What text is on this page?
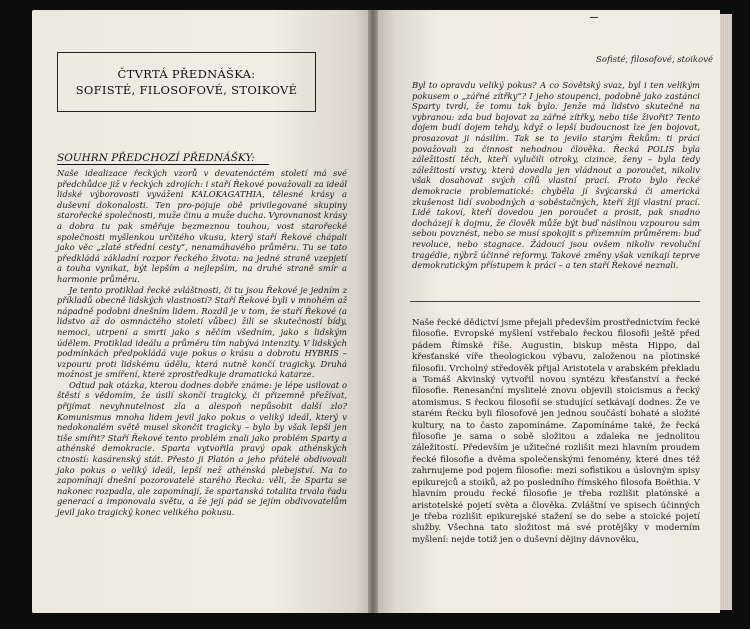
ČTVRTÁ PŘEDNÁŠKA:
SOFISTÉ, FILOSOFOVÉ, STOIKOVÉ
SOUHRN PŘEDCHOZÍ PŘEDNÁŠKY:

Naše idealizace řeckých vzorů v devatenáctém století má své předchůdce již v řeckých zdrojích: i staří Řekové považovali za ideál lidské výborovosti vyváženi KALOKAGATHIA, tělesné krásy a duševní dokonalosti. Ten pro-pojuje obě privilegované skupiny starořecké společnosti, muže činu a muže ducha. Vyrovnanost krásy a dobra tu pak směřuje bezmeznou touhou, vost starořecké společnosti myšlenkou určitého vkusu, který staří Řekové chápali jako věc „zlaté střední cesty“, nenamáhavého průměru. Tu se tato předkládá základní rozpor řeckého života: na jedné straně vzepjetí a touha vynikat, být lepším a nejlepším, na druhé straně smír a harmonie průměru.

Je tento protiklad řecké zvláštnosti, či tu jsou Řekové je jedním z příkladů obecně lidských vlastností? Staří Řekové byli v mnohém až nápadně podobni dnešním lidem. Rozdíl je v tom, že staří Řekové (a lidstvo až do osmnáctého století vůbec) žili se skutečností bídy, nemoci, utrpení a smrti jako s něčím všedním, jako s lidským údělem. Protiklad ideálu a průměru tím nabývá intenzity. V lidských podmínkách předpokládá vuje pokus o krásu a dobrotu HYBRIS – vzpouru proti lidskému údělu, která nutně končí tragicky. Druhá možnost je smíření, které zprostředkuje dramatická katarze.

Odtud pak otázka, kterou dodnes dobře známe: je lépe usilovat o štěstí s vědomím, že úsilí skončí tragicky, či přizemně přežívat, přijímat nevyhnutelnost zla a alespoň nepůsobit další zlo? Komunismus mnoha lidem jevil jako pokus o veliký ideál, který v nedokonalém světě musel skončit tragicky – bylo by však lepší jen tiše smířit? Staří Řekové tento problém znali jako problém Sparty a athénské demokracie. Sparta vytvořila pravý opak athénských ctností: kasárenský stát. Přesto ji Platón a jeho přátelé obdivovali jako pokus o veliký ideál, lepší než athénská plebejství. Na to zapomínají dnešní pozorovatelé starého Řecka: věli, že Sparta se nakonec rozpadla, ale zapomínají, že spartanská totalita trvala řadu generací a imponovala světu, a že její pád se jejím obdivovatelům jevil jako tragický konec velikého pokusu.

Sofisté, filosofové, stoikové

Byl to opravdu veliký pokus? A co Sovětský svaz, byl i ten velikým pokusem o „zářné zítřky“? I jeho stoupenci, podobně jako zastánci Sparty tvrdí, že tomu tak bylo. Jenže má lidstvo skutečně na vybranou: zda bud bojovat za zářné zítřky, nebo tiše živořit? Tento dojem budí dojem tehdy, když o lepší budoucnost lze jen bojovat, prosazovat ji násilím. Tak se to jevilo starým Řekům: ti práci považovali za činnost nehodnou člověka. Řecká POLIS byla záležitostí těch, kteří vylučili otroky, cizince, ženy – byla tedy záležitostí vrstvy, která dovedla jen vládnout a poroučet, nikoliv však dosahovat svých cílů vlastní prací. Proto bylo řecké demokracie problematické: chyběla jí švýcarská či americká zkušenost lidí svobodných a soběstačných, kteří žijí vlastní prací. Lidé takoví, kteří dovedou jen poroučet a prosit, pak snadno docházejí k dojmu, že člověk může být buď násilnou vzpourou sám sebou povznést, nebo se musí spokojit s přízemním průměrem: buď revoluce, nebo stagnace. Žádoucí jsou ovšem nikoliv revoluční tragédie, nýbrž účinné reformy. Takové změny však vznikají teprve demokratickým přístupem k práci – a ten staří Řekové neznali.

Naše řecké dědictví jsme přejali především prostřednictvím řecké filosofie. Evropské myšlení vstřebalo řeckou filosofii ještě před pádem Římské říše. Augustin, biskup města Hippo, dal křesťanské víře theologickou výbavu, založenou na plotinské filosofii. Vrcholný středověk přijal Aristotela v arabském překladu a Tomáš Akvinský vytvořil novou syntézu křesťanství a řecké filosofie. Renesanční myslitelé znovu objevili stoicismus a řecký atomismus. S řeckou filosofií se studující setkávají dodnes. Že ve starém Řecku byli filosofové jen jednou součástí bohaté a složité kultury, na to často zapomínáme. Zapomínáme také, že řecká filosofie je sama o sobě složitou a zdaleka ne jednolitou záležitostí. Především je užitečné rozlišit mezi hlavním proudem řecké filosofie a dvěma společenskými fenomény, které dnes též zahrnujeme pod pojem filosofie: mezi sofistikou a úslovným spisy epikurejců a stoiků, až po posledního římského filosofa Boëthia. V hlavním proudu řecké filosofie je třeba rozlišit platónské a aristotelské pojetí světa a člověka. Zvláštní ve spisech účinných je třeba rozlišit epikurejské stažení se do sebe a stoické pojetí služby. Všechna tato složitost má své protějšky v moderním myšlení: nejde totiž jen o duševní dějiny dávnověku,
